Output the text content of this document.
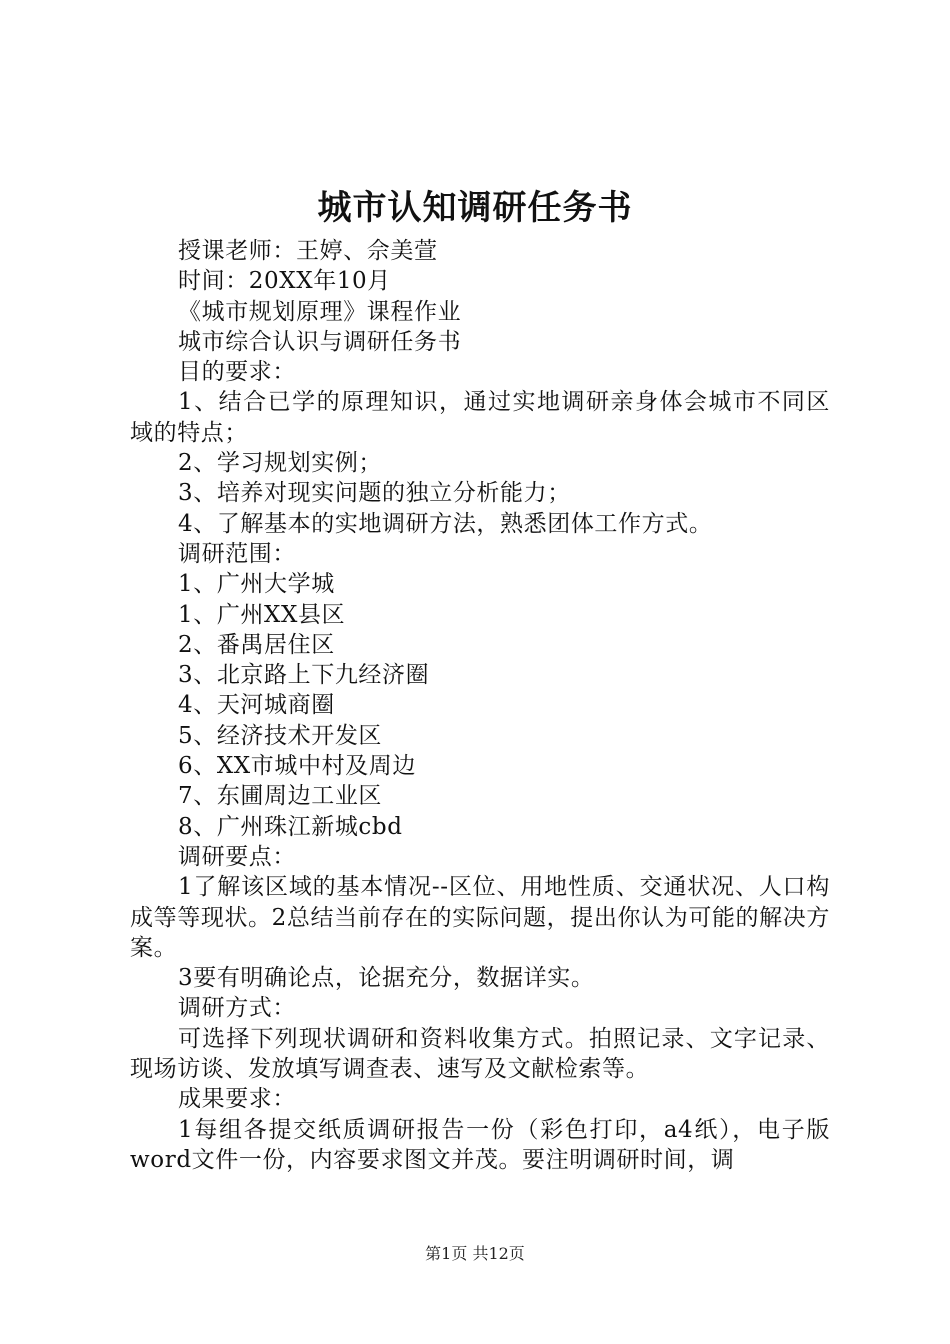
城市认知调研任务书

授课老师：王婷、佘美萱

时间：20XX年10月

《城市规划原理》课程作业

城市综合认识与调研任务书

目的要求：

1、结合已学的原理知识，通过实地调研亲身体会城市不同区域的特点；

2、学习规划实例；

3、培养对现实问题的独立分析能力；

4、了解基本的实地调研方法，熟悉团体工作方式。

调研范围：

1、广州大学城

1、广州XX县区

2、番禺居住区

3、北京路上下九经济圈

4、天河城商圈

5、经济技术开发区

6、XX市城中村及周边

7、东圃周边工业区

8、广州珠江新城cbd

调研要点：

1了解该区域的基本情况--区位、用地性质、交通状况、人口构成等等现状。2总结当前存在的实际问题，提出你认为可能的解决方案。

3要有明确论点，论据充分，数据详实。

调研方式：

可选择下列现状调研和资料收集方式。拍照记录、文字记录、现场访谈、发放填写调查表、速写及文献检索等。

成果要求：

1每组各提交纸质调研报告一份（彩色打印，a4纸），电子版word文件一份，内容要求图文并茂。要注明调研时间，调

第1页 共12页
